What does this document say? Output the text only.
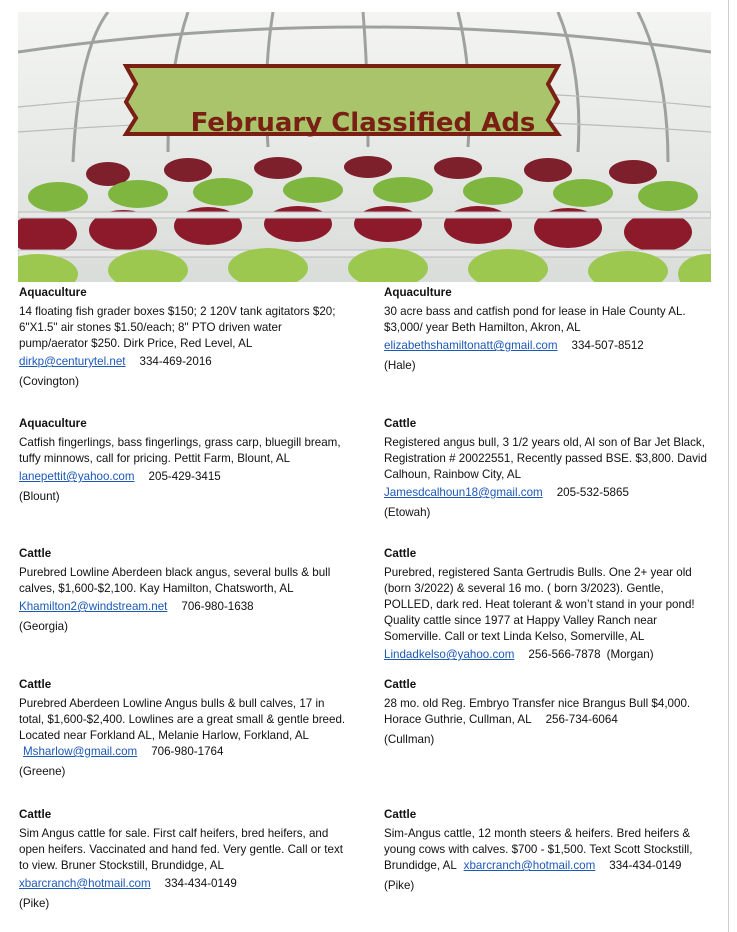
February Classified Ads
Aquaculture
14 floating fish grader boxes $150; 2 120V tank agitators $20; 6"X1.5" air stones $1.50/each; 8" PTO driven water pump/aerator $250. Dirk Price, Red Level, AL
dirkp@centurytel.net 334-469-2016
(Covington)
Aquaculture
Catfish fingerlings, bass fingerlings, grass carp, bluegill bream, tuffy minnows, call for pricing. Pettit Farm, Blount, AL
lanepettit@yahoo.com 205-429-3415
(Blount)
Cattle
Purebred Lowline Aberdeen black angus, several bulls & bull calves, $1,600-$2,100. Kay Hamilton, Chatsworth, AL
Khamilton2@windstream.net 706-980-1638
(Georgia)
Cattle
Purebred Aberdeen Lowline Angus bulls & bull calves, 17 in total, $1,600-$2,400. Lowlines are a great small & gentle breed. Located near Forkland AL, Melanie Harlow, Forkland, AL Msharlow@gmail.com 706-980-1764
(Greene)
Cattle
Sim Angus cattle for sale. First calf heifers, bred heifers, and open heifers. Vaccinated and hand fed. Very gentle. Call or text to view. Bruner Stockstill, Brundidge, AL
xbarcranch@hotmail.com 334-434-0149
(Pike)
Aquaculture
30 acre bass and catfish pond for lease in Hale County AL. $3,000/ year Beth Hamilton, Akron, AL
elizabethshamiltonatt@gmail.com 334-507-8512
(Hale)
Cattle
Registered angus bull, 3 1/2 years old, AI son of Bar Jet Black, Registration # 20022551, Recently passed BSE. $3,800. David Calhoun, Rainbow City, AL
Jamesdcalhoun18@gmail.com 205-532-5865
(Etowah)
Cattle
Purebred, registered Santa Gertrudis Bulls. One 2+ year old (born 3/2022) & several 16 mo. ( born 3/2023). Gentle, POLLED, dark red. Heat tolerant & won’t stand in your pond! Quality cattle since 1977 at Happy Valley Ranch near Somerville. Call or text Linda Kelso, Somerville, AL
Lindadkelso@yahoo.com 256-566-7878 (Morgan)
Cattle
28 mo. old Reg. Embryo Transfer nice Brangus Bull $4,000. Horace Guthrie, Cullman, AL 256-734-6064
(Cullman)
Cattle
Sim-Angus cattle, 12 month steers & heifers. Bred heifers & young cows with calves. $700 - $1,500. Text Scott Stockstill, Brundidge, AL xbarcranch@hotmail.com 334-434-0149
(Pike)
